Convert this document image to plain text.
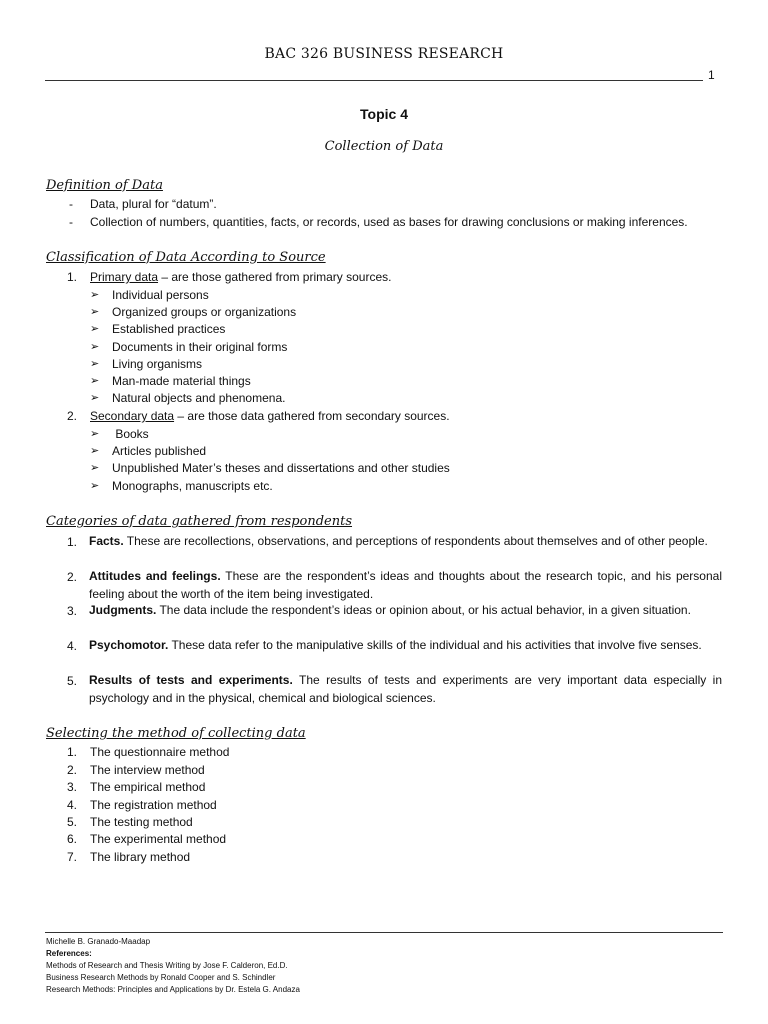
BAC 326 BUSINESS RESEARCH
1
Topic 4
Collection of Data
Definition of Data
- Data, plural for “datum”.
- Collection of numbers, quantities, facts, or records, used as bases for drawing conclusions or making inferences.
Classification of Data According to Source
1. Primary data – are those gathered from primary sources.
➢ Individual persons
➢ Organized groups or organizations
➢ Established practices
➢ Documents in their original forms
➢ Living organisms
➢ Man-made material things
➢ Natural objects and phenomena.
2. Secondary data – are those data gathered from secondary sources.
➢ Books
➢ Articles published
➢ Unpublished Mater’s theses and dissertations and other studies
➢ Monographs, manuscripts etc.
Categories of data gathered from respondents
1. Facts. These are recollections, observations, and perceptions of respondents about themselves and of other people.
2. Attitudes and feelings. These are the respondent’s ideas and thoughts about the research topic, and his personal feeling about the worth of the item being investigated.
3. Judgments. The data include the respondent’s ideas or opinion about, or his actual behavior, in a given situation.
4. Psychomotor. These data refer to the manipulative skills of the individual and his activities that involve five senses.
5. Results of tests and experiments. The results of tests and experiments are very important data especially in psychology and in the physical, chemical and biological sciences.
Selecting the method of collecting data
1. The questionnaire method
2. The interview method
3. The empirical method
4. The registration method
5. The testing method
6. The experimental method
7. The library method
Michelle B. Granado-Maadap
References:
Methods of Research and Thesis Writing by Jose F. Calderon, Ed.D.
Business Research Methods by Ronald Cooper and S. Schindler
Research Methods: Principles and Applications by Dr. Estela G. Andaza
